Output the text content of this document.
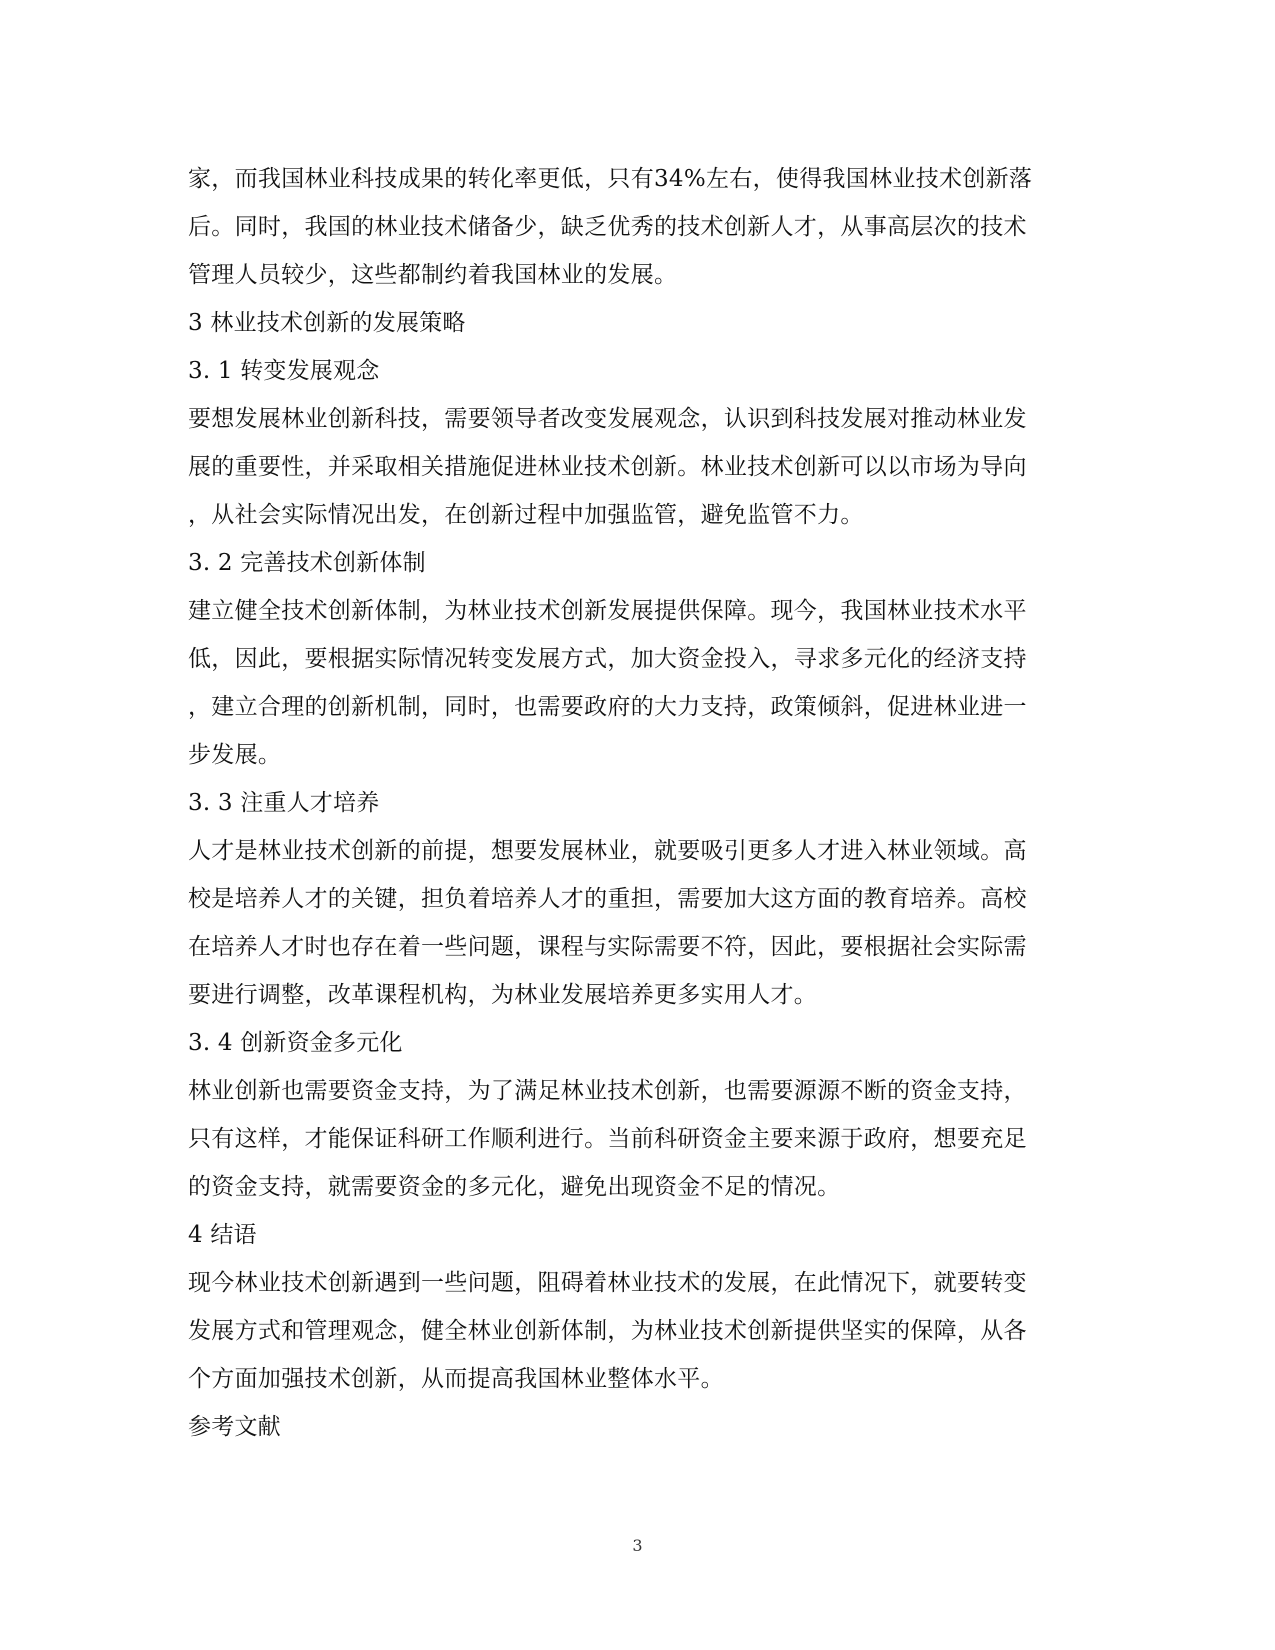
家，而我国林业科技成果的转化率更低，只有34%左右，使得我国林业技术创新落
后。同时，我国的林业技术储备少，缺乏优秀的技术创新人才，从事高层次的技术
管理人员较少，这些都制约着我国林业的发展。
3 林业技术创新的发展策略
3. 1 转变发展观念
要想发展林业创新科技，需要领导者改变发展观念，认识到科技发展对推动林业发
展的重要性，并采取相关措施促进林业技术创新。林业技术创新可以以市场为导向
，从社会实际情况出发，在创新过程中加强监管，避免监管不力。
3. 2 完善技术创新体制
建立健全技术创新体制，为林业技术创新发展提供保障。现今，我国林业技术水平
低，因此，要根据实际情况转变发展方式，加大资金投入，寻求多元化的经济支持
，建立合理的创新机制，同时，也需要政府的大力支持，政策倾斜，促进林业进一
步发展。
3. 3 注重人才培养
人才是林业技术创新的前提，想要发展林业，就要吸引更多人才进入林业领域。高
校是培养人才的关键，担负着培养人才的重担，需要加大这方面的教育培养。高校
在培养人才时也存在着一些问题，课程与实际需要不符，因此，要根据社会实际需
要进行调整，改革课程机构，为林业发展培养更多实用人才。
3. 4 创新资金多元化
林业创新也需要资金支持，为了满足林业技术创新，也需要源源不断的资金支持，
只有这样，才能保证科研工作顺利进行。当前科研资金主要来源于政府，想要充足
的资金支持，就需要资金的多元化，避免出现资金不足的情况。
4 结语
现今林业技术创新遇到一些问题，阻碍着林业技术的发展，在此情况下，就要转变
发展方式和管理观念，健全林业创新体制，为林业技术创新提供坚实的保障，从各
个方面加强技术创新，从而提高我国林业整体水平。
参考文献
3
